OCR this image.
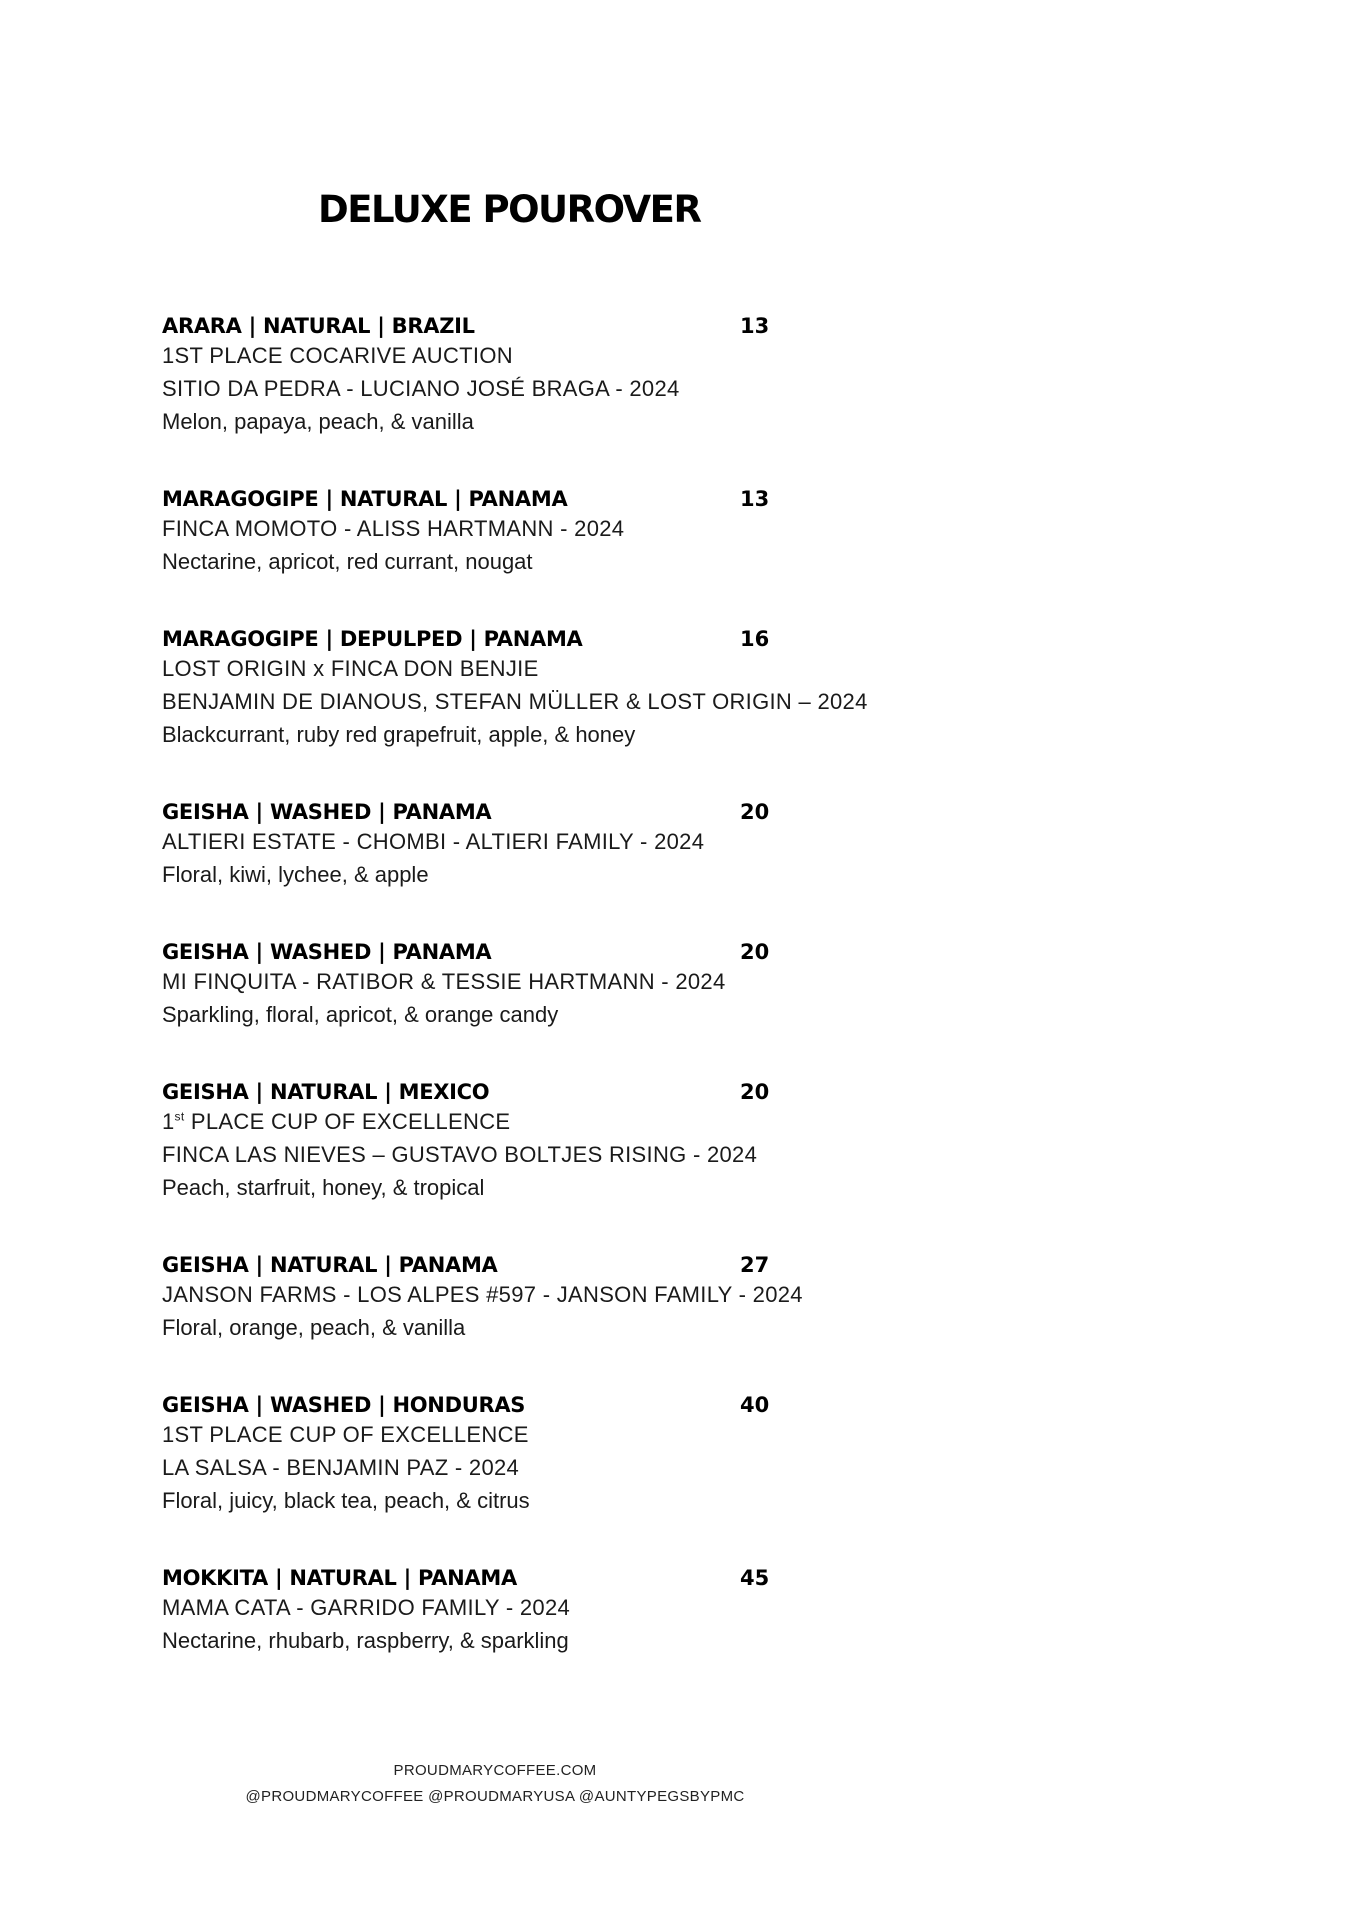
DELUXE POUROVER
ARARA | NATURAL | BRAZIL	13
1ST PLACE COCARIVE AUCTION
SITIO DA PEDRA - LUCIANO JOSÉ BRAGA - 2024
Melon, papaya, peach, & vanilla
MARAGOGIPE | NATURAL | PANAMA	13
FINCA MOMOTO - ALISS HARTMANN - 2024
Nectarine, apricot, red currant, nougat
MARAGOGIPE | DEPULPED | PANAMA	16
LOST ORIGIN x FINCA DON BENJIE
BENJAMIN DE DIANOUS, STEFAN MÜLLER & LOST ORIGIN – 2024
Blackcurrant, ruby red grapefruit, apple, & honey
GEISHA | WASHED | PANAMA	20
ALTIERI ESTATE - CHOMBI - ALTIERI FAMILY - 2024
Floral, kiwi, lychee, & apple
GEISHA | WASHED | PANAMA	20
MI FINQUITA - RATIBOR & TESSIE HARTMANN - 2024
Sparkling, floral, apricot, & orange candy
GEISHA | NATURAL | MEXICO	20
1st PLACE CUP OF EXCELLENCE
FINCA LAS NIEVES – GUSTAVO BOLTJES RISING - 2024
Peach, starfruit, honey, & tropical
GEISHA | NATURAL | PANAMA	27
JANSON FARMS - LOS ALPES #597 - JANSON FAMILY - 2024
Floral, orange, peach, & vanilla
GEISHA | WASHED | HONDURAS	40
1ST PLACE CUP OF EXCELLENCE
LA SALSA - BENJAMIN PAZ - 2024
Floral, juicy, black tea, peach, & citrus
MOKKITA | NATURAL | PANAMA	45
MAMA CATA - GARRIDO FAMILY - 2024
Nectarine, rhubarb, raspberry, & sparkling
PROUDMARYCOFFEE.COM
@PROUDMARYCOFFEE @PROUDMARYUSA @AUNTYPEGSBYPMC
